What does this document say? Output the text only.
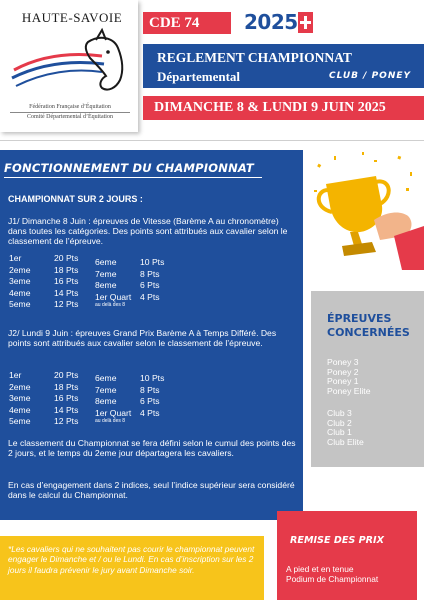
HAUTE-SAVOIE
Fédération Française d’Équitation
Comité Départemental d’Équitation
CDE 74	2025
REGLEMENT CHAMPIONNAT
Départemental	CLUB / PONEY
DIMANCHE 8 & LUNDI 9 JUIN 2025
FONCTIONNEMENT DU CHAMPIONNAT
CHAMPIONNAT SUR 2 JOURS :
J1/ Dimanche 8 Juin : épreuves de Vitesse (Barème A au chronomètre) dans toutes les catégories. Des points sont attribués aux cavalier selon le classement de l’épreuve.
1er	20 Pts
2eme	18 Pts
3eme	16 Pts
4eme	14 Pts
5eme	12 Pts
6eme	10 Pts
7eme	8 Pts
8eme	6 Pts
1er Quart 4 Pts
au delà des 8
J2/ Lundi 9 Juin : épreuves Grand Prix Barème A à Temps Différé. Des points sont attribués aux cavalier selon le classement de l’épreuve.
1er	20 Pts
2eme	18 Pts
3eme	16 Pts
4eme	14 Pts
5eme	12 Pts
6eme	10 Pts
7eme	8 Pts
8eme	6 Pts
1er Quart 4 Pts
au delà des 8
Le classement du Championnat se fera défini selon le cumul des points des 2 jours, et le temps du 2eme jour départagera les cavaliers.
En cas d’engagement dans 2 indices, seul l’indice supérieur sera considéré dans le calcul du Championnat.
ÉPREUVES
CONCERNÉES
Poney 3
Poney 2
Poney 1
Poney Elite
Club 3
Club 2
Club 1
Club Elite
*Les cavaliers qui ne souhaitent pas courir le championnat peuvent engager le Dimanche et / ou le Lundi. En cas d’inscription sur les 2 jours il faudra prévenir le jury avant Dimanche soir.
REMISE DES PRIX
A pied et en tenue
Podium de Championnat
